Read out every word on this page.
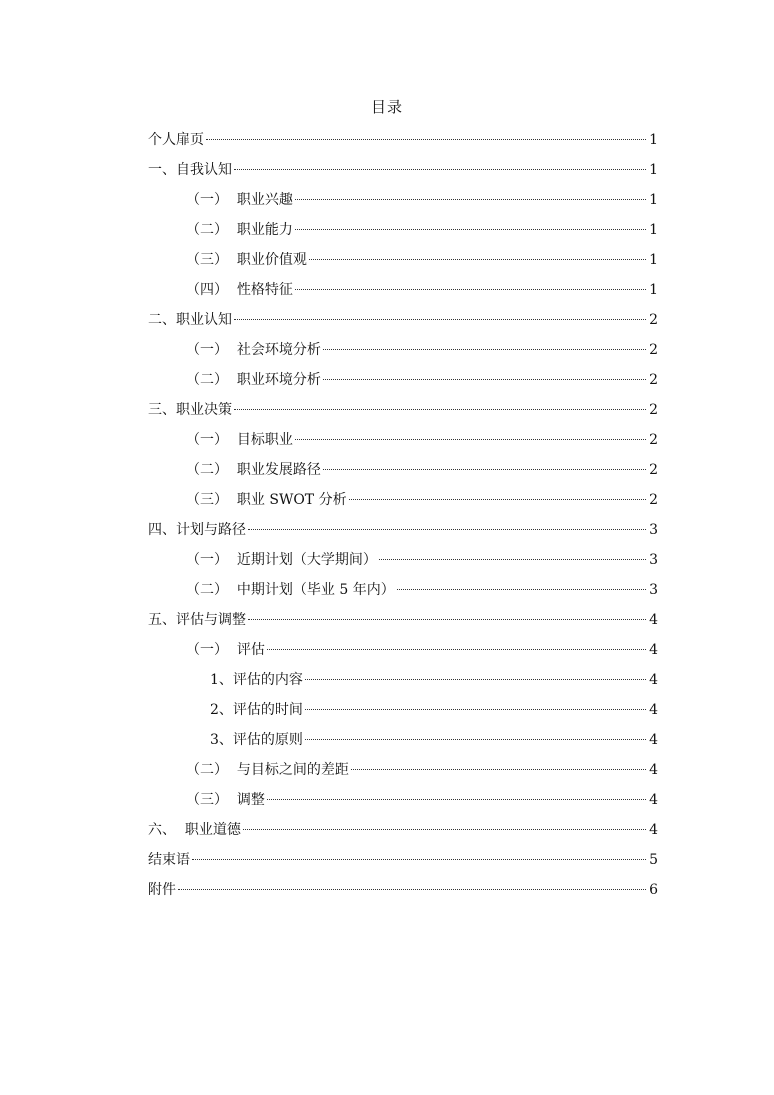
目录
个人扉页	1
一、自我认知	1
（一）  职业兴趣	1
（二）  职业能力	1
（三）  职业价值观	1
（四）  性格特征	1
二、职业认知	2
（一）  社会环境分析	2
（二）  职业环境分析	2
三、职业决策	2
（一）  目标职业	2
（二）  职业发展路径	2
（三）  职业 SWOT 分析	2
四、计划与路径	3
（一）  近期计划（大学期间）	3
（二）  中期计划（毕业 5 年内）	3
五、评估与调整	4
（一）  评估	4
1、评估的内容	4
2、评估的时间	4
3、评估的原则	4
（二）  与目标之间的差距	4
（三）  调整	4
六、  职业道德	4
结束语	5
附件	6
